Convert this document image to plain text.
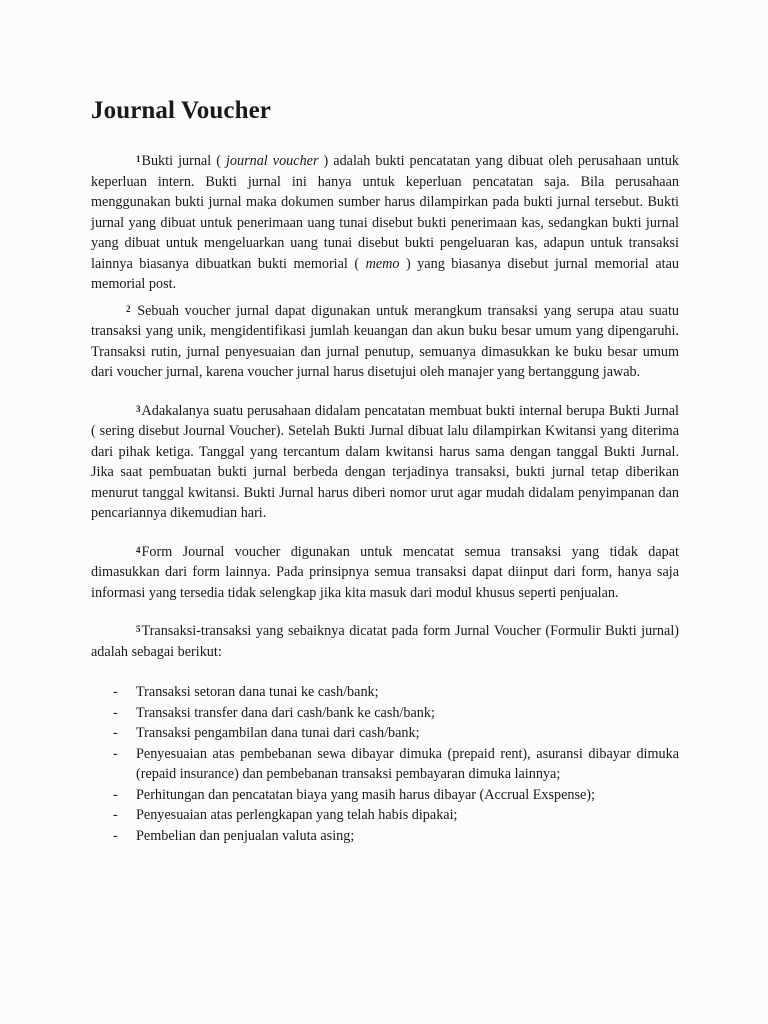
Journal Voucher

$^1$Bukti jurnal ( journal voucher ) adalah bukti pencatatan yang dibuat oleh perusahaan untuk keperluan intern. Bukti jurnal ini hanya untuk keperluan pencatatan saja. Bila perusahaan menggunakan bukti jurnal maka dokumen sumber harus dilampirkan pada bukti jurnal tersebut. Bukti jurnal yang dibuat untuk penerimaan uang tunai disebut bukti penerimaan kas, sedangkan bukti jurnal yang dibuat untuk mengeluarkan uang tunai disebut bukti pengeluaran kas, adapun untuk transaksi lainnya biasanya dibuatkan bukti memorial ( memo ) yang biasanya disebut jurnal memorial atau memorial post.

$^2$ Sebuah voucher jurnal dapat digunakan untuk merangkum transaksi yang serupa atau suatu transaksi yang unik, mengidentifikasi jumlah keuangan dan akun buku besar umum yang dipengaruhi. Transaksi rutin, jurnal penyesuaian dan jurnal penutup, semuanya dimasukkan ke buku besar umum dari voucher jurnal, karena voucher jurnal harus disetujui oleh manajer yang bertanggung jawab.

$^3$Adakalanya suatu perusahaan didalam pencatatan membuat bukti internal berupa Bukti Jurnal ( sering disebut Journal Voucher). Setelah Bukti Jurnal dibuat lalu dilampirkan Kwitansi yang diterima dari pihak ketiga. Tanggal yang tercantum dalam kwitansi harus sama dengan tanggal Bukti Jurnal. Jika saat pembuatan bukti jurnal berbeda dengan terjadinya transaksi, bukti jurnal tetap diberikan menurut tanggal kwitansi. Bukti Jurnal harus diberi nomor urut agar mudah didalam penyimpanan dan pencariannya dikemudian hari.

$^4$Form Journal voucher digunakan untuk mencatat semua transaksi yang tidak dapat dimasukkan dari form lainnya. Pada prinsipnya semua transaksi dapat diinput dari form, hanya saja informasi yang tersedia tidak selengkap jika kita masuk dari modul khusus seperti penjualan.

$^5$Transaksi-transaksi yang sebaiknya dicatat pada form Jurnal Voucher (Formulir Bukti jurnal) adalah sebagai berikut:

- Transaksi setoran dana tunai ke cash/bank;
- Transaksi transfer dana dari cash/bank ke cash/bank;
- Transaksi pengambilan dana tunai dari cash/bank;
- Penyesuaian atas pembebanan sewa dibayar dimuka (prepaid rent), asuransi dibayar dimuka (repaid insurance) dan pembebanan transaksi pembayaran dimuka lainnya;
- Perhitungan dan pencatatan biaya yang masih harus dibayar (Accrual Exspense);
- Penyesuaian atas perlengkapan yang telah habis dipakai;
- Pembelian dan penjualan valuta asing;
